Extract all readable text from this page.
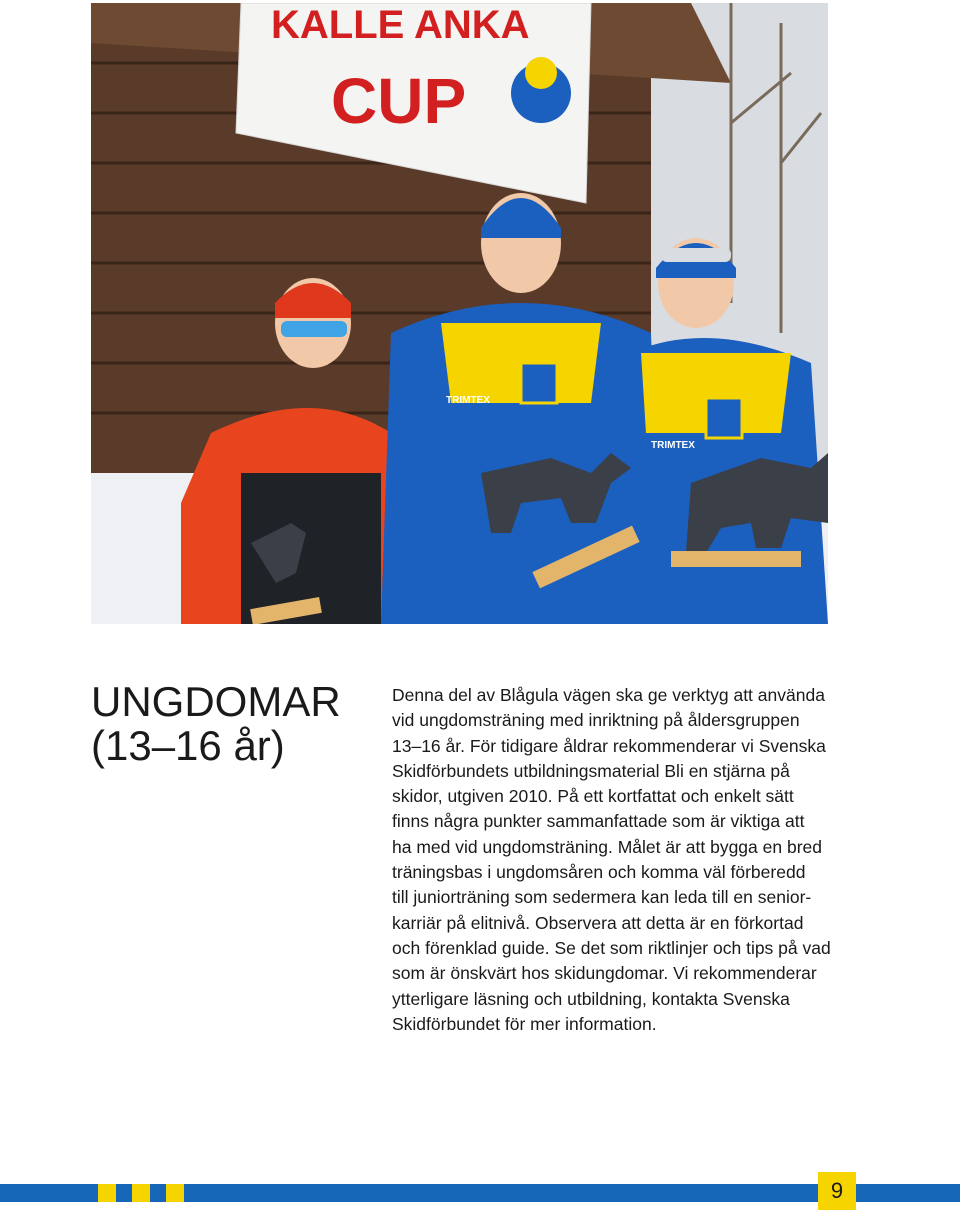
KALLE ANKA
CUP
TRIMTEX
TRIMTEX
UNGDOMAR
(13–16 år)
Denna del av Blågula vägen ska ge verktyg att använda
vid ungdomsträning med inriktning på åldersgruppen
13–16 år. För tidigare åldrar rekommenderar vi Svenska
Skidförbundets utbildningsmaterial Bli en stjärna på
skidor, utgiven 2010. På ett kortfattat och enkelt sätt
finns några punkter sammanfattade som är viktiga att
ha med vid ungdomsträning. Målet är att bygga en bred
träningsbas i ungdomsåren och komma väl förberedd
till juniorträning som sedermera kan leda till en senior-
karriär på elitnivå. Observera att detta är en förkortad
och förenklad guide. Se det som riktlinjer och tips på vad
som är önskvärt hos skidungdomar. Vi rekommenderar
ytterligare läsning och utbildning, kontakta Svenska
Skidförbundet för mer information.
9
